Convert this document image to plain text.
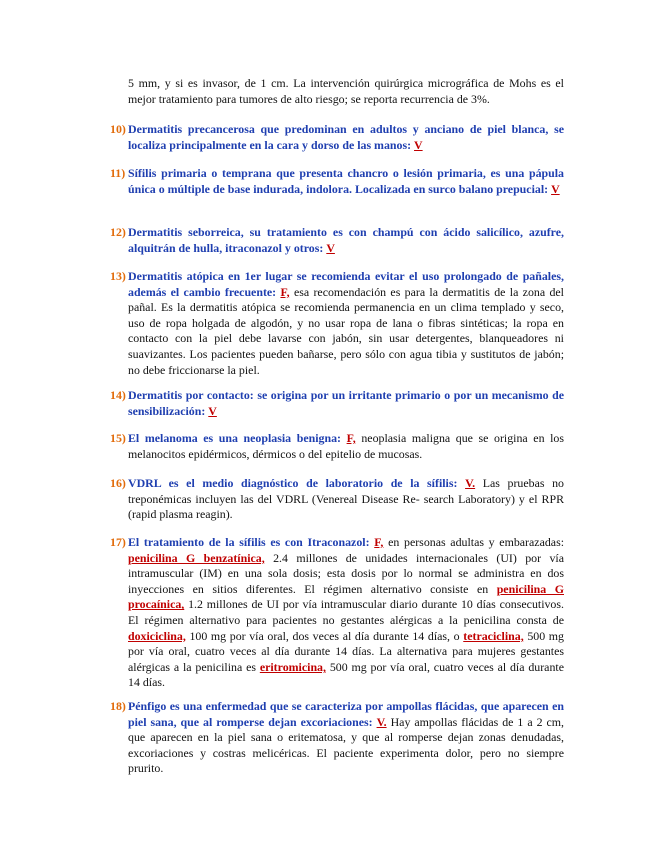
5 mm, y si es invasor, de 1 cm. La intervención quirúrgica micrográfica de Mohs es el mejor tratamiento para tumores de alto riesgo; se reporta recurrencia de 3%.
10) Dermatitis precancerosa que predominan en adultos y anciano de piel blanca, se localiza principalmente en la cara y dorso de las manos: V
11) Sífilis primaria o temprana que presenta chancro o lesión primaria, es una pápula única o múltiple de base indurada, indolora. Localizada en surco balano prepucial: V
12) Dermatitis seborreica, su tratamiento es con champú con ácido salicílico, azufre, alquitrán de hulla, itraconazol y otros: V
13) Dermatitis atópica en 1er lugar se recomienda evitar el uso prolongado de pañales, además el cambio frecuente: F, esa recomendación es para la dermatitis de la zona del pañal. Es la dermatitis atópica se recomienda permanencia en un clima templado y seco, uso de ropa holgada de algodón, y no usar ropa de lana o fibras sintéticas; la ropa en contacto con la piel debe lavarse con jabón, sin usar detergentes, blanqueadores ni suavizantes. Los pacientes pueden bañarse, pero sólo con agua tibia y sustitutos de jabón; no debe friccionarse la piel.
14) Dermatitis por contacto: se origina por un irritante primario o por un mecanismo de sensibilización: V
15) El melanoma es una neoplasia benigna: F, neoplasia maligna que se origina en los melanocitos epidérmicos, dérmicos o del epitelio de mucosas.
16) VDRL es el medio diagnóstico de laboratorio de la sífilis: V. Las pruebas no treponémicas incluyen las del VDRL (Venereal Disease Re- search Laboratory) y el RPR (rapid plasma reagin).
17) El tratamiento de la sífilis es con Itraconazol: F, en personas adultas y embarazadas: penicilina G benzatínica, 2.4 millones de unidades internacionales (UI) por vía intramuscular (IM) en una sola dosis; esta dosis por lo normal se administra en dos inyecciones en sitios diferentes. El régimen alternativo consiste en penicilina G procaínica, 1.2 millones de UI por vía intramuscular diario durante 10 días consecutivos. El régimen alternativo para pacientes no gestantes alérgicas a la penicilina consta de doxiciclina, 100 mg por vía oral, dos veces al día durante 14 días, o tetraciclina, 500 mg por vía oral, cuatro veces al día durante 14 días. La alternativa para mujeres gestantes alérgicas a la penicilina es eritromicina, 500 mg por vía oral, cuatro veces al día durante 14 días.
18) Pénfigo es una enfermedad que se caracteriza por ampollas flácidas, que aparecen en piel sana, que al romperse dejan excoriaciones: V. Hay ampollas flácidas de 1 a 2 cm, que aparecen en la piel sana o eritematosa, y que al romperse dejan zonas denudadas, excoriaciones y costras melicéricas. El paciente experimenta dolor, pero no siempre prurito.
